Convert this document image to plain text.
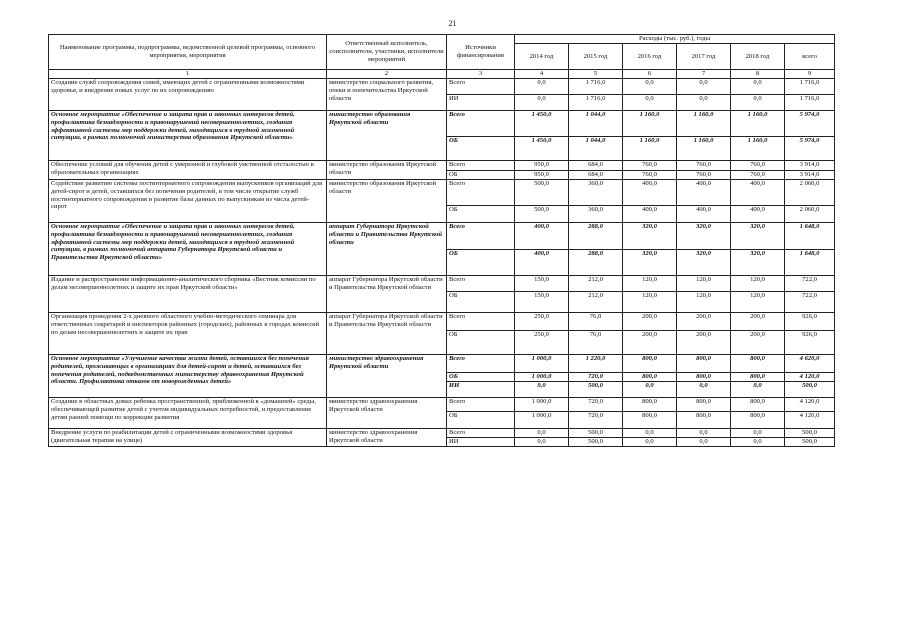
21
Наименование программы, подпрограммы, ведомственной целевой программы, основного мероприятия, мероприятия	Ответственный исполнитель, соисполнители, участники, исполнители мероприятий	Источники финансирования	Расходы (тыс. руб.), годы					
			2014 год	2015 год	2016 год	2017 год	2018 год	всего
1	2	3	4	5	6	7	8	9
Создание служб сопровождения семей, имеющих детей с ограниченными возможностями здоровья, и внедрение новых услуг по их сопровождению	министерство социального развития, опеки и попечительства Иркутской области	Всего	0,0	1 716,0	0,0	0,0	0,0	1 716,0
		ИИ	0,0	1 716,0	0,0	0,0	0,0	1 716,0
Основное мероприятие «Обеспечение и защита прав и законных интересов детей, профилактика безнадзорности и правонарушений несовершеннолетних, создания эффективной системы мер поддержки детей, находящихся в трудной жизненной ситуации, в рамках полномочий министерства образования Иркутской области»	министерство образования Иркутской области	Всего	1 450,0	1 044,0	1 160,0	1 160,0	1 160,0	5 974,0
		ОБ	1 450,0	1 044,0	1 160,0	1 160,0	1 160,0	5 974,0
Обеспечение условий для обучения детей с умеренной и глубокой умственной отсталостью в образовательных организациях	министерство образования Иркутской области	Всего	950,0	684,0	760,0	760,0	760,0	3 914,0
		ОБ	950,0	684,0	760,0	760,0	760,0	3 914,0
Содействие развитию системы постинтернатного сопровождения выпускников организаций для детей-сирот и детей, оставшихся без попечения родителей, в том числе открытие служб постинтернатного сопровождения и развитие базы данных по выпускникам из числа детей-сирот	министерство образования Иркутской области	Всего	500,0	360,0	400,0	400,0	400,0	2 060,0
		ОБ	500,0	360,0	400,0	400,0	400,0	2 060,0
Основное мероприятие «Обеспечение и защита прав и законных интересов детей, профилактика безнадзорности и правонарушений несовершеннолетних, создания эффективной системы мер поддержки детей, находящихся в трудной жизненной ситуации, в рамках полномочий аппарата Губернатора Иркутской области и Правительства Иркутской области»	аппарат Губернатора Иркутской области и Правительства Иркутской области	Всего	400,0	288,0	320,0	320,0	320,0	1 648,0
		ОБ	400,0	288,0	320,0	320,0	320,0	1 648,0
Издание и распространение информационно-аналитического сборника «Вестник комиссии по делам несовершеннолетних и защите их прав Иркутской области»	аппарат Губернатора Иркутской области и Правительства Иркутской области	Всего	150,0	212,0	120,0	120,0	120,0	722,0
		ОБ	150,0	212,0	120,0	120,0	120,0	722,0
Организация проведения 2-х дневного областного учебно-методического семинара для ответственных секретарей и инспекторов районных (городских), районных в городах комиссий по делам несовершеннолетних и защите их прав	аппарат Губернатора Иркутской области и Правительства Иркутской области	Всего	250,0	76,0	200,0	200,0	200,0	926,0
		ОБ	250,0	76,0	200,0	200,0	200,0	926,0
Основное мероприятие «Улучшение качества жизни детей, оставшихся без попечения родителей, проживающих в организациях для детей-сирот и детей, оставшихся без попечения родителей, подведомственных министерству здравоохранения Иркутской области. Профилактика отказов от новорожденных детей»	министерство здравоохранения Иркутской области	Всего	1 000,0	1 220,0	800,0	800,0	800,0	4 620,0
		ОБ	1 000,0	720,0	800,0	800,0	800,0	4 120,0
		ИИ	0,0	500,0	0,0	0,0	0,0	500,0
Создание в областных домах ребенка пространственной, приближенной к «домашней» среды, обеспечивающей развитие детей с учетом индивидуальных потребностей, и предоставление детям ранней помощи по коррекции развития	министерство здравоохранения Иркутской области	Всего	1 000,0	720,0	800,0	800,0	800,0	4 120,0
		ОБ	1 000,0	720,0	800,0	800,0	800,0	4 120,0
Внедрение услуги по реабилитации детей с ограниченными возможностями здоровья (двигательная терапия на улице)	министерство здравоохранения Иркутской области	Всего	0,0	500,0	0,0	0,0	0,0	500,0
		ИИ	0,0	500,0	0,0	0,0	0,0	500,0
